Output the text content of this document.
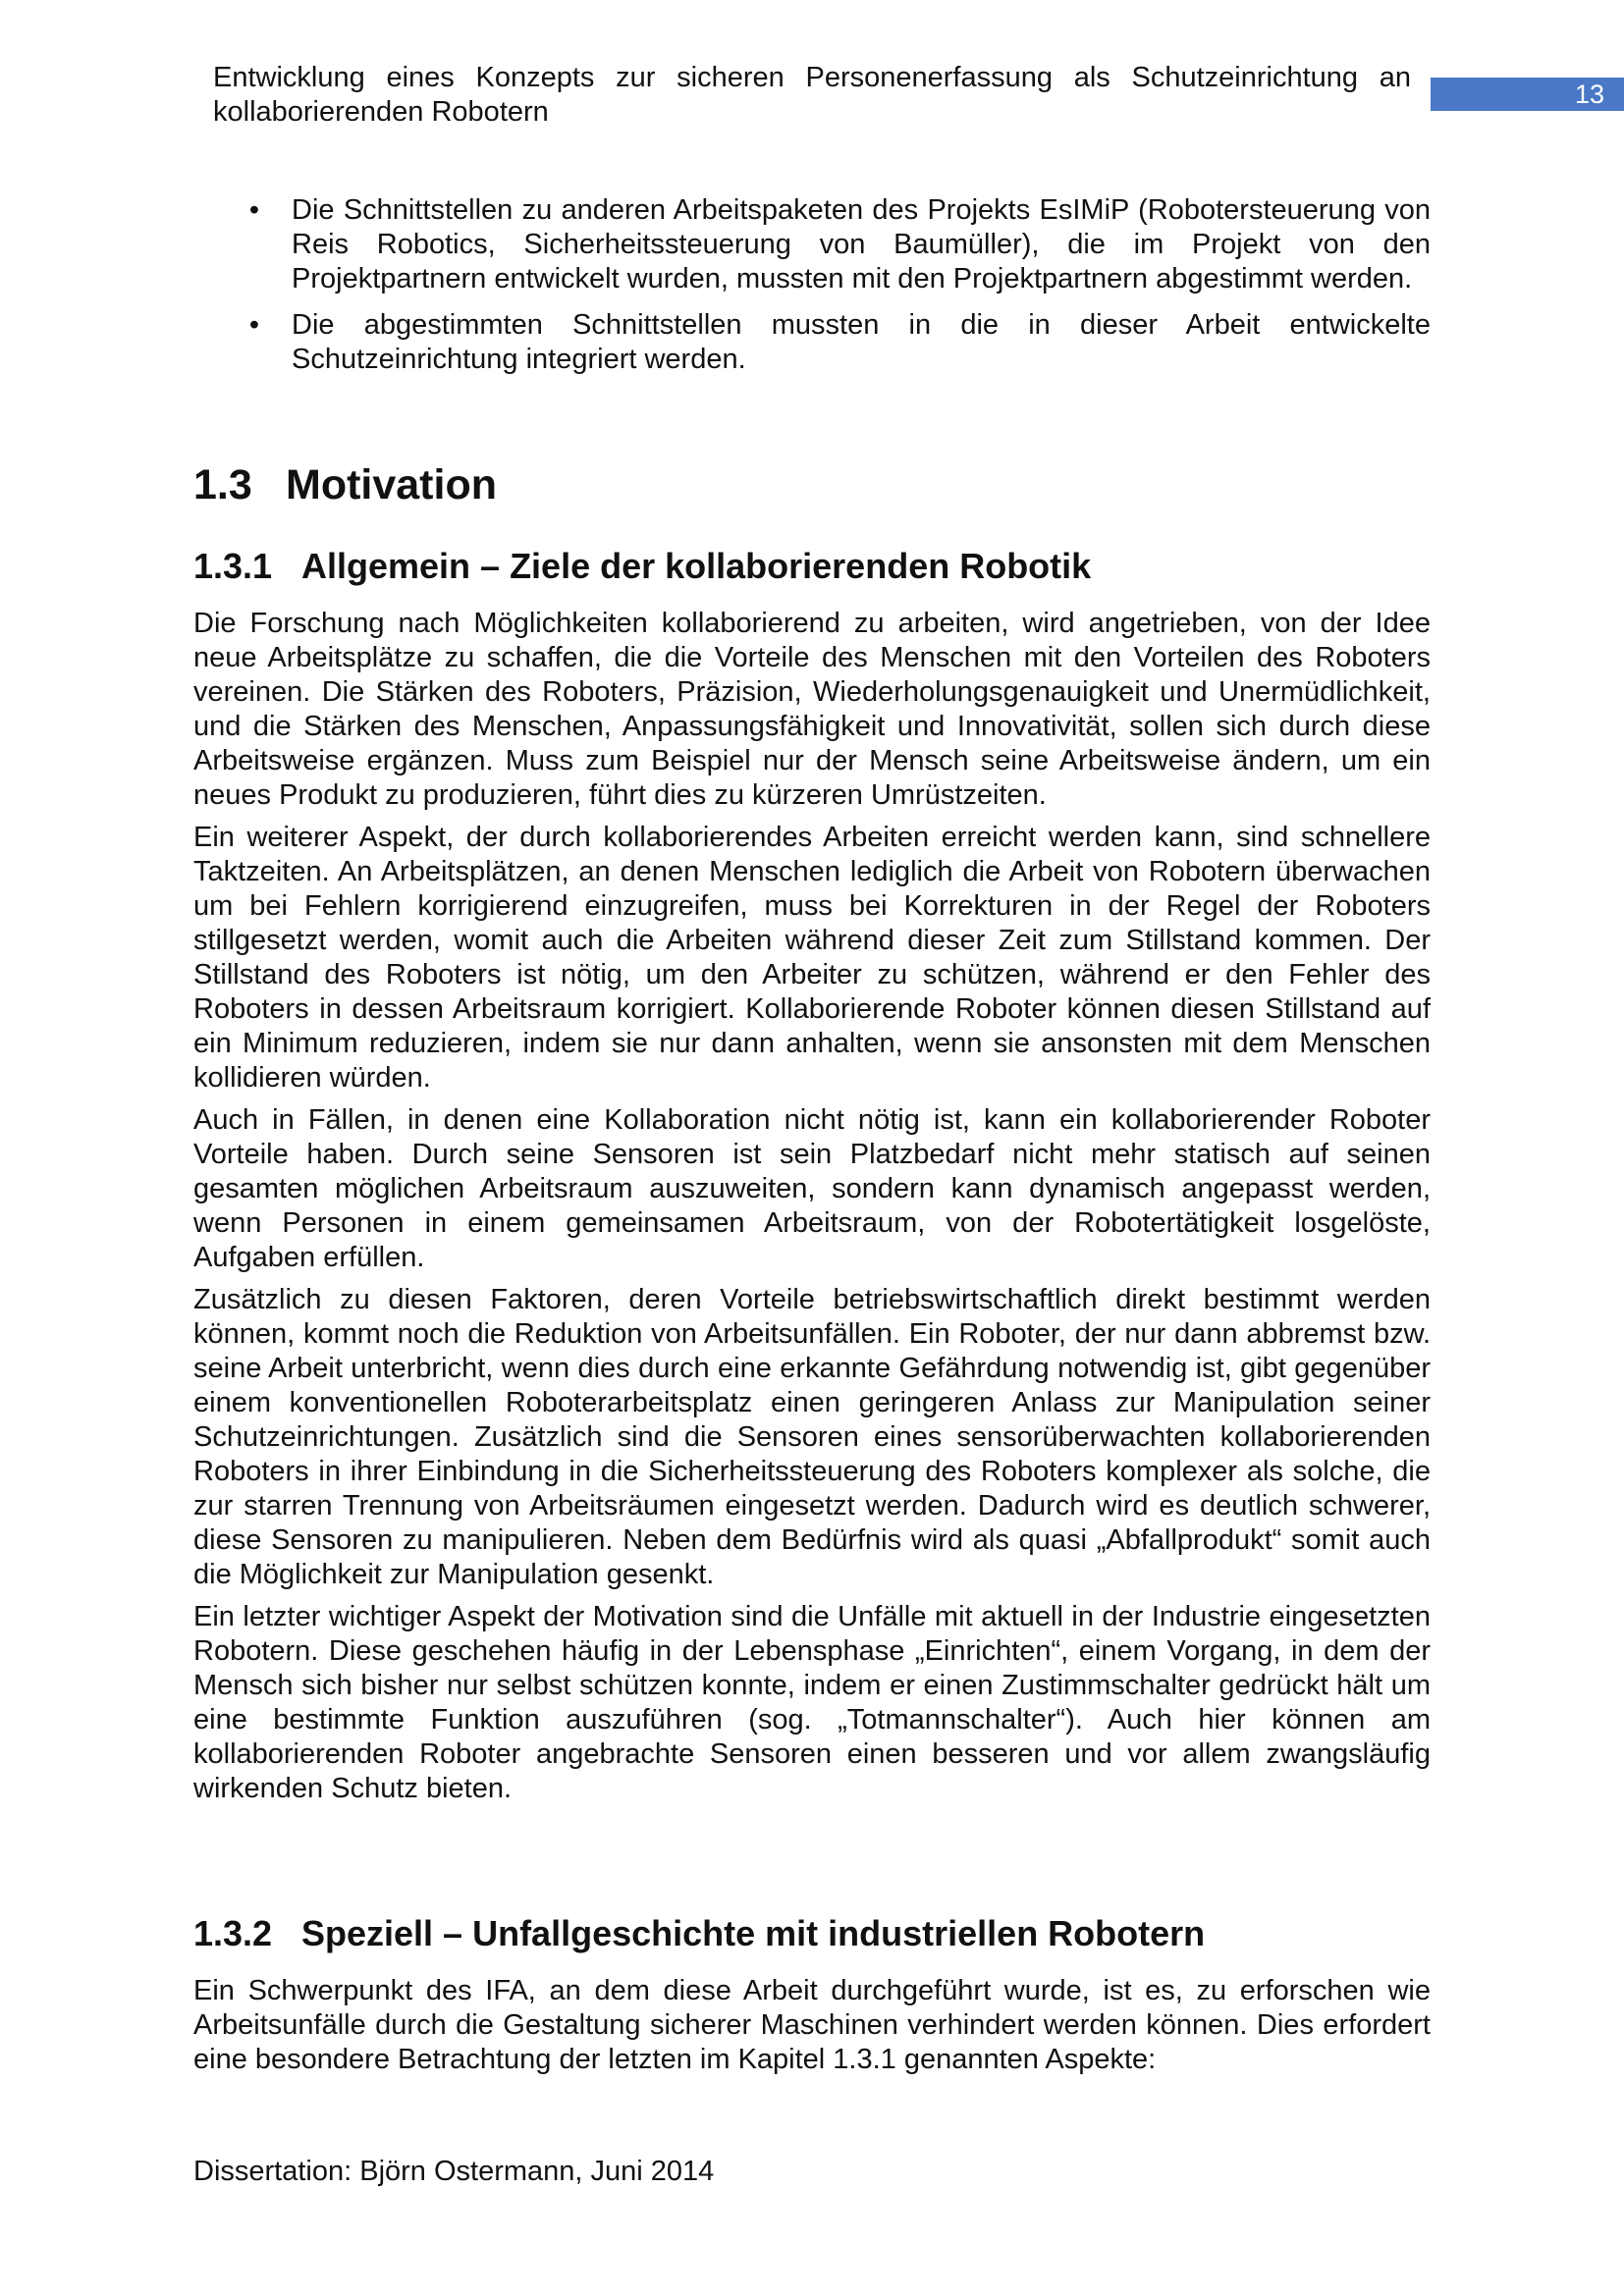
Entwicklung eines Konzepts zur sicheren Personenerfassung als Schutzeinrichtung an kollaborierenden Robotern
13
• Die Schnittstellen zu anderen Arbeitspaketen des Projekts EsIMiP (Robotersteuerung von Reis Robotics, Sicherheitssteuerung von Baumüller), die im Projekt von den Projektpartnern entwickelt wurden, mussten mit den Projektpartnern abgestimmt werden.
• Die abgestimmten Schnittstellen mussten in die in dieser Arbeit entwickelte Schutzeinrichtung integriert werden.
1.3 Motivation
1.3.1 Allgemein – Ziele der kollaborierenden Robotik

Die Forschung nach Möglichkeiten kollaborierend zu arbeiten, wird angetrieben, von der Idee neue Arbeitsplätze zu schaffen, die die Vorteile des Menschen mit den Vorteilen des Roboters vereinen. Die Stärken des Roboters, Präzision, Wiederholungsgenauigkeit und Unermüdlichkeit, und die Stärken des Menschen, Anpassungsfähigkeit und Innovativität, sollen sich durch diese Arbeitsweise ergänzen. Muss zum Beispiel nur der Mensch seine Arbeitsweise ändern, um ein neues Produkt zu produzieren, führt dies zu kürzeren Umrüstzeiten.

Ein weiterer Aspekt, der durch kollaborierendes Arbeiten erreicht werden kann, sind schnellere Taktzeiten. An Arbeitsplätzen, an denen Menschen lediglich die Arbeit von Robotern überwachen um bei Fehlern korrigierend einzugreifen, muss bei Korrekturen in der Regel der Roboters stillgesetzt werden, womit auch die Arbeiten während dieser Zeit zum Stillstand kommen. Der Stillstand des Roboters ist nötig, um den Arbeiter zu schützen, während er den Fehler des Roboters in dessen Arbeitsraum korrigiert. Kollaborierende Roboter können diesen Stillstand auf ein Minimum reduzieren, indem sie nur dann anhalten, wenn sie ansonsten mit dem Menschen kollidieren würden.

Auch in Fällen, in denen eine Kollaboration nicht nötig ist, kann ein kollaborierender Roboter Vorteile haben. Durch seine Sensoren ist sein Platzbedarf nicht mehr statisch auf seinen gesamten möglichen Arbeitsraum auszuweiten, sondern kann dynamisch angepasst werden, wenn Personen in einem gemeinsamen Arbeitsraum, von der Robotertätigkeit losgelöste, Aufgaben erfüllen.

Zusätzlich zu diesen Faktoren, deren Vorteile betriebswirtschaftlich direkt bestimmt werden können, kommt noch die Reduktion von Arbeitsunfällen. Ein Roboter, der nur dann abbremst bzw. seine Arbeit unterbricht, wenn dies durch eine erkannte Gefährdung notwendig ist, gibt gegenüber einem konventionellen Roboterarbeitsplatz einen geringeren Anlass zur Manipulation seiner Schutzeinrichtungen. Zusätzlich sind die Sensoren eines sensorüberwachten kollaborierenden Roboters in ihrer Einbindung in die Sicherheitssteuerung des Roboters komplexer als solche, die zur starren Trennung von Arbeitsräumen eingesetzt werden. Dadurch wird es deutlich schwerer, diese Sensoren zu manipulieren. Neben dem Bedürfnis wird als quasi „Abfallprodukt“ somit auch die Möglichkeit zur Manipulation gesenkt.

Ein letzter wichtiger Aspekt der Motivation sind die Unfälle mit aktuell in der Industrie eingesetzten Robotern. Diese geschehen häufig in der Lebensphase „Einrichten“, einem Vorgang, in dem der Mensch sich bisher nur selbst schützen konnte, indem er einen Zustimmschalter gedrückt hält um eine bestimmte Funktion auszuführen (sog. „Totmannschalter“). Auch hier können am kollaborierenden Roboter angebrachte Sensoren einen besseren und vor allem zwangsläufig wirkenden Schutz bieten.

1.3.2 Speziell – Unfallgeschichte mit industriellen Robotern

Ein Schwerpunkt des IFA, an dem diese Arbeit durchgeführt wurde, ist es, zu erforschen wie Arbeitsunfälle durch die Gestaltung sicherer Maschinen verhindert werden können. Dies erfordert eine besondere Betrachtung der letzten im Kapitel 1.3.1 genannten Aspekte:

Dissertation: Björn Ostermann, Juni 2014
